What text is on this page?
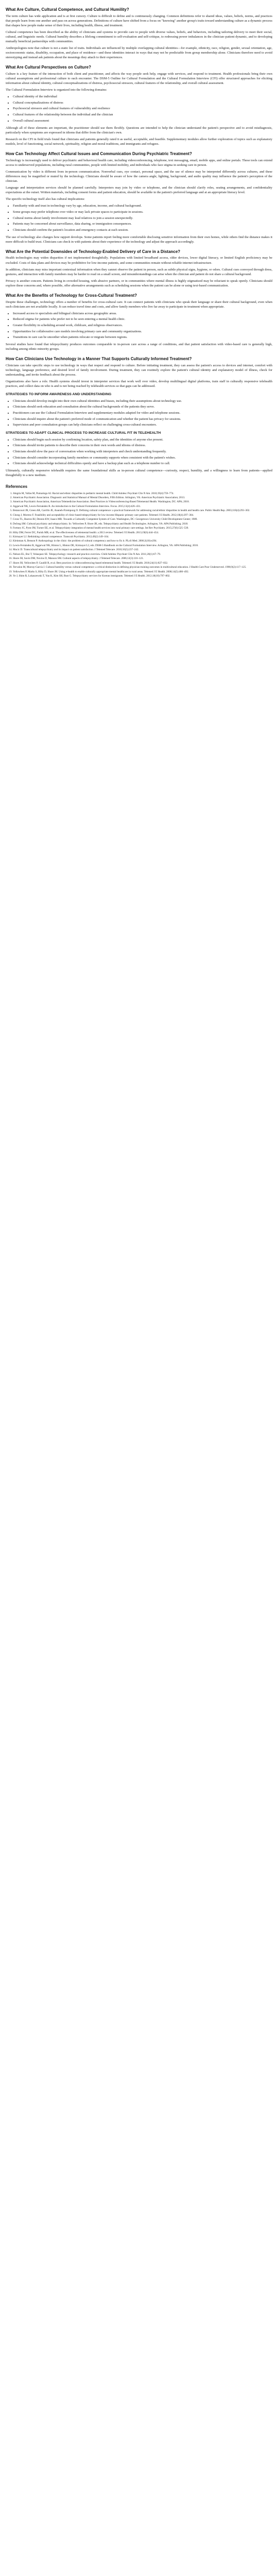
What Are Culture, Cultural Competence, and Cultural Humility?

The term culture has wide application and is at first cursory. Culture is difficult to define and is continuously changing. Common definitions refer to shared ideas, values, beliefs, norms, and practices that people learn from one another and pass on across generations. Definitions of culture have shifted from a focus on "knowing" another group's traits toward understanding culture as a dynamic process that shapes how people make sense of their lives, including health, illness, and treatment.

Cultural competence has been described as the ability of clinicians and systems to provide care to people with diverse values, beliefs, and behaviors, including tailoring delivery to meet their social, cultural, and linguistic needs. Cultural humility describes a lifelong commitment to self-evaluation and self-critique, to redressing power imbalances in the clinician–patient dynamic, and to developing mutually beneficial partnerships with communities.

Anthropologists note that culture is not a static list of traits. Individuals are influenced by multiple overlapping cultural identities—for example, ethnicity, race, religion, gender, sexual orientation, age, socioeconomic status, disability, occupation, and place of residence—and these identities interact in ways that may not be predictable from group membership alone. Clinicians therefore need to avoid stereotyping and instead ask patients about the meanings they attach to their experiences.

What Are Cultural Perspectives on Culture?

Culture is a key feature of the interaction of both client and practitioner, and affects the way people seek help, engage with services, and respond to treatment. Health professionals bring their own cultural assumptions and professional culture to each encounter. The DSM-5 Outline for Cultural Formulation and the Cultural Formulation Interview (CFI) offer structured approaches for eliciting information about cultural identity, cultural conceptualizations of distress, psychosocial stressors, cultural features of the relationship, and overall cultural assessment.

The Cultural Formulation Interview is organized into the following domains:

• Cultural identity of the individual
• Cultural conceptualizations of distress
• Psychosocial stressors and cultural features of vulnerability and resilience
• Cultural features of the relationship between the individual and the clinician
• Overall cultural assessment

Although all of these elements are important, the practitioner should use them flexibly. Questions are intended to help the clinician understand the patient's perspective and to avoid misdiagnosis, particularly when symptoms are expressed in idioms that differ from the clinician's own.

Research on the CFI in field trials found that clinicians and patients generally rated it as useful, acceptable, and feasible. Supplementary modules allow further exploration of topics such as explanatory models, level of functioning, social network, spirituality, religion and moral traditions, and immigrants and refugees.

How Can Technology Affect Cultural Issues and Communication During Psychiatric Treatment?

Technology is increasingly used to deliver psychiatric and behavioral health care, including videoconferencing, telephone, text messaging, email, mobile apps, and online portals. These tools can extend access to underserved populations, including rural communities, people with limited mobility, and individuals who face stigma in seeking care in person.

Communication by video is different from in-person communication. Nonverbal cues, eye contact, personal space, and the use of silence may be interpreted differently across cultures, and these differences may be magnified or muted by the technology. Clinicians should be aware of how the camera angle, lighting, background, and audio quality may influence the patient's perception of the clinician.

Language and interpretation services should be planned carefully. Interpreters may join by video or telephone, and the clinician should clarify roles, seating arrangements, and confidentiality expectations at the outset. Written materials, including consent forms and patient education, should be available in the patient's preferred language and at an appropriate literacy level.

The specific technology itself also has cultural implications:

• Familiarity with and trust in technology vary by age, education, income, and cultural background.
• Some groups may prefer telephone over video or may lack private spaces to participate in sessions.
• Cultural norms about family involvement may lead relatives to join a session unexpectedly.
• Patients may be concerned about surveillance, data sharing, or immigration consequences.
• Clinicians should confirm the patient's location and emergency contacts at each session.

The use of technology also changes how rapport develops. Some patients report feeling more comfortable disclosing sensitive information from their own homes, while others find the distance makes it more difficult to build trust. Clinicians can check in with patients about their experience of the technology and adjust the approach accordingly.

What Are the Potential Downsides of Technology-Enabled Delivery of Care in a Distance?

Health technologies may widen disparities if not implemented thoughtfully. Populations with limited broadband access, older devices, lower digital literacy, or limited English proficiency may be excluded. Costs of data plans and devices may be prohibitive for low-income patients, and some communities remain without reliable internet infrastructure.

In addition, clinicians may miss important contextual information when they cannot observe the patient in person, such as subtle physical signs, hygiene, or odors. Cultural cues conveyed through dress, gestures, and interaction with family members may be harder to read on a small screen, and misunderstandings can arise when the clinician and patient do not share a cultural background.

Privacy is another concern. Patients living in crowded housing, with abusive partners, or in communities where mental illness is highly stigmatized may be reluctant to speak openly. Clinicians should explore these concerns and, where possible, offer alternative arrangements such as scheduling sessions when the patient can be alone or using text-based communication.

What Are the Benefits of Technology for Cross-Cultural Treatment?

Despite these challenges, technology offers a number of benefits for cross-cultural care. It can connect patients with clinicians who speak their language or share their cultural background, even when such clinicians are not available locally. It can reduce travel time and costs, and allow family members who live far away to participate in treatment when appropriate.

• Increased access to specialists and bilingual clinicians across geographic areas.
• Reduced stigma for patients who prefer not to be seen entering a mental health clinic.
• Greater flexibility in scheduling around work, childcare, and religious observances.
• Opportunities for collaborative care models involving primary care and community organizations.
• Transitions in care can be smoother when patients relocate or migrate between regions.

Several studies have found that telepsychiatry produces outcomes comparable to in-person care across a range of conditions, and that patient satisfaction with video-based care is generally high, including among ethnic minority groups.

How Can Clinicians Use Technology in a Manner That Supports Culturally Informed Treatment?

Clinicians can take specific steps to use technology in ways that respect and respond to culture. Before initiating treatment, they can assess the patient's access to devices and internet, comfort with technology, language preference, and desired level of family involvement. During treatment, they can routinely explore the patient's cultural identity and explanatory model of illness, check for understanding, and invite feedback about the process.

Organizations also have a role. Health systems should invest in interpreter services that work well over video, develop multilingual digital platforms, train staff in culturally responsive telehealth practices, and collect data on who is and is not being reached by telehealth services so that gaps can be addressed.

STRATEGIES TO INFORM AWARENESS AND UNDERSTANDING
• Clinicians should develop insight into their own cultural identities and biases, including their assumptions about technology use.
• Clinicians should seek education and consultation about the cultural backgrounds of the patients they serve.
• Practitioners can use the Cultural Formulation Interview and supplementary modules adapted for video and telephone sessions.
• Clinicians should inquire about the patient's preferred mode of communication and whether the patient has privacy for sessions.
• Supervision and peer consultation groups can help clinicians reflect on challenging cross-cultural encounters.
STRATEGIES TO ADAPT CLINICAL PROCESS TO INCREASE CULTURAL FIT IN TELEHEALTH
• Clinicians should begin each session by confirming location, safety plan, and the identities of anyone else present.
• Clinicians should invite patients to describe their concerns in their own words and idioms of distress.
• Clinicians should slow the pace of conversation when working with interpreters and check understanding frequently.
• Clinicians should consider incorporating family members or community supports when consistent with the patient's wishes.
• Clinicians should acknowledge technical difficulties openly and have a backup plan such as a telephone number to call.

Ultimately, culturally responsive telehealth requires the same foundational skills as in-person cultural competence—curiosity, respect, humility, and a willingness to learn from patients—applied thoughtfully to a new medium.

References
1. Alegría M, Vallas M, Pumariega AJ. Racial and ethnic disparities in pediatric mental health. Child Adolesc Psychiatr Clin N Am. 2010;19(4):759–774.
2. American Psychiatric Association. Diagnostic and Statistical Manual of Mental Disorders, Fifth Edition. Arlington, VA: American Psychiatric Association; 2013.
3. American Psychiatric Association, American Telemedicine Association. Best Practices in Videoconferencing-Based Telemental Health. Washington, DC: APA; 2018.
4. Aggarwal NK, Lewis-Fernández R. An introduction to the Cultural Formulation Interview. Focus. 2015;13(4):426–431.
5. Betancourt JR, Green AR, Carrillo JE, Ananeh-Firempong O. Defining cultural competence: a practical framework for addressing racial/ethnic disparities in health and health care. Public Health Rep. 2003;118(4):293–302.
6. Chong J, Moreno F. Feasibility and acceptability of clinic-based telepsychiatry for low-income Hispanic primary care patients. Telemed J E Health. 2012;18(4):297–304.
7. Cross TL, Bazron BJ, Dennis KW, Isaacs MR. Towards a Culturally Competent System of Care. Washington, DC: Georgetown University Child Development Center; 1989.
8. DeJong SM. Cultural psychiatry and telepsychiatry. In: Yellowlees P, Shore JH, eds. Telepsychiatry and Health Technologies. Arlington, VA: APA Publishing; 2018.
9. Fortney JC, Pyne JM, Turner EE, et al. Telepsychiatry integration of mental health services into rural primary care settings. Int Rev Psychiatry. 2015;27(6):525–539.
10. Hilty DM, Ferrer DC, Parish MB, et al. The effectiveness of telemental health: a 2013 review. Telemed J E Health. 2013;19(6):444–454.
11. Kirmayer LJ. Rethinking cultural competence. Transcult Psychiatry. 2012;49(2):149–164.
12. Kleinman A, Benson P. Anthropology in the clinic: the problem of cultural competency and how to fix it. PLoS Med. 2006;3(10):e294.
13. Lewis-Fernández R, Aggarwal NK, Hinton L, Hinton DE, Kirmayer LJ, eds. DSM-5 Handbook on the Cultural Formulation Interview. Arlington, VA: APA Publishing; 2016.
14. Mucic D. Transcultural telepsychiatry and its impact on patient satisfaction. J Telemed Telecare. 2010;16(5):237–242.
15. Nelson EL, Bui T, Velasquez SE. Telepsychology: research and practice overview. Child Adolesc Psychiatr Clin N Am. 2011;20(1):67–79.
16. Shore JH, Savin DM, Novins D, Manson SM. Cultural aspects of telepsychiatry. J Telemed Telecare. 2006;12(3):116–121.
17. Shore JH, Yellowlees P, Caudill R, et al. Best practices in videoconferencing-based telemental health. Telemed J E Health. 2018;24(11):827–832.
18. Tervalon M, Murray-García J. Cultural humility versus cultural competence: a critical distinction in defining physician training outcomes in multicultural education. J Health Care Poor Underserved. 1998;9(2):117–125.
19. Yellowlees P, Marks S, Hilty D, Shore JH. Using e-health to enable culturally appropriate mental healthcare in rural areas. Telemed J E Health. 2008;14(5):486–492.
20. Ye J, Shim R, Lukaszewski T, Yun K, Kim SH, Rust G. Telepsychiatry services for Korean immigrants. Telemed J E Health. 2012;18(10):797–802.
